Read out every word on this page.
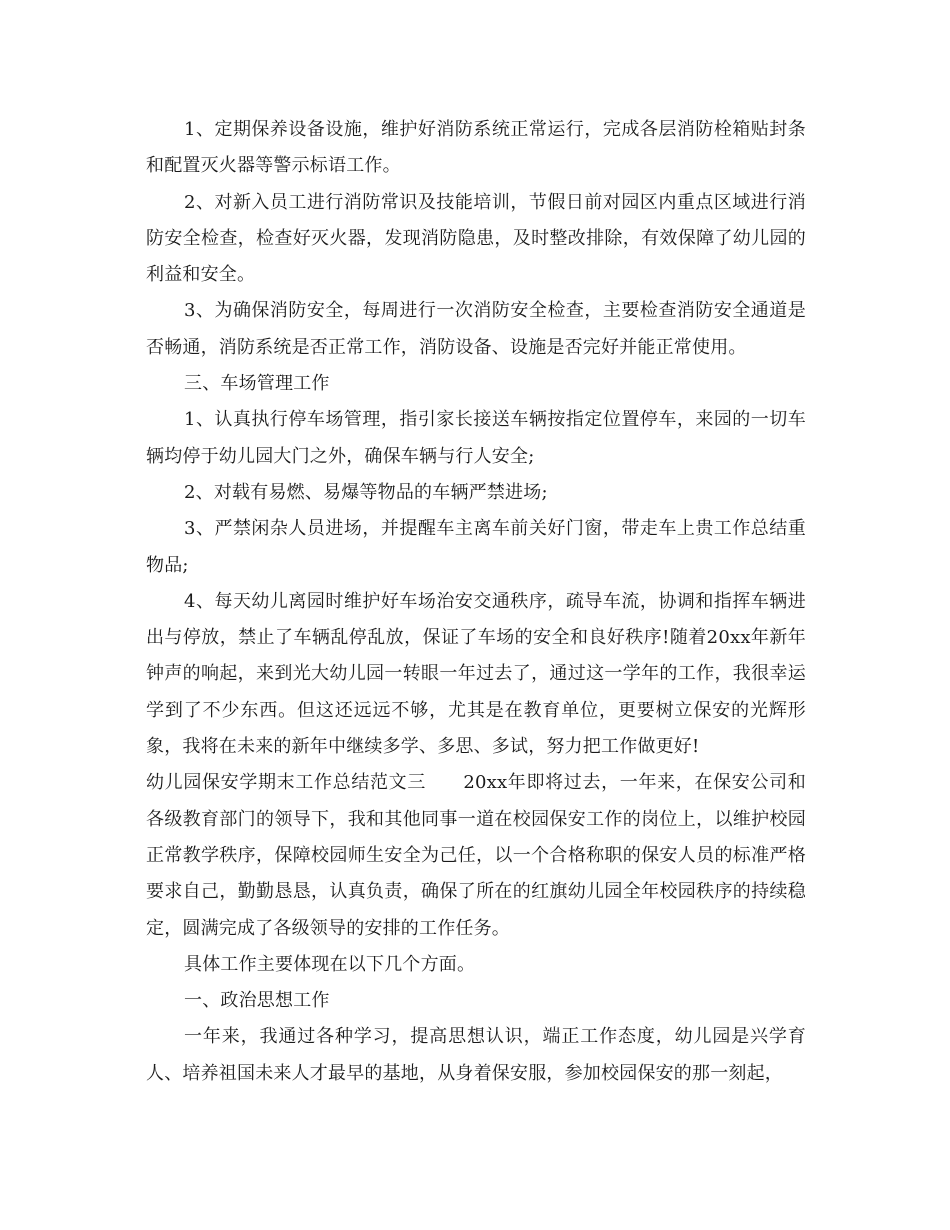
1、定期保养设备设施，维护好消防系统正常运行，完成各层消防栓箱贴封条和配置灭火器等警示标语工作。

2、对新入员工进行消防常识及技能培训，节假日前对园区内重点区域进行消防安全检查，检查好灭火器，发现消防隐患，及时整改排除，有效保障了幼儿园的利益和安全。

3、为确保消防安全，每周进行一次消防安全检查，主要检查消防安全通道是否畅通，消防系统是否正常工作，消防设备、设施是否完好并能正常使用。

三、车场管理工作

1、认真执行停车场管理，指引家长接送车辆按指定位置停车，来园的一切车辆均停于幼儿园大门之外，确保车辆与行人安全;

2、对载有易燃、易爆等物品的车辆严禁进场;

3、严禁闲杂人员进场，并提醒车主离车前关好门窗，带走车上贵工作总结重物品;

4、每天幼儿离园时维护好车场治安交通秩序，疏导车流，协调和指挥车辆进出与停放，禁止了车辆乱停乱放，保证了车场的安全和良好秩序!随着20xx年新年钟声的响起，来到光大幼儿园一转眼一年过去了，通过这一学年的工作，我很幸运学到了不少东西。但这还远远不够，尤其是在教育单位，更要树立保安的光辉形象，我将在未来的新年中继续多学、多思、多试，努力把工作做更好!

幼儿园保安学期末工作总结范文三　　20xx年即将过去，一年来，在保安公司和各级教育部门的领导下，我和其他同事一道在校园保安工作的岗位上，以维护校园正常教学秩序，保障校园师生安全为己任，以一个合格称职的保安人员的标准严格要求自己，勤勤恳恳，认真负责，确保了所在的红旗幼儿园全年校园秩序的持续稳定，圆满完成了各级领导的安排的工作任务。

具体工作主要体现在以下几个方面。

一、政治思想工作

一年来，我通过各种学习，提高思想认识，端正工作态度，幼儿园是兴学育人、培养祖国未来人才最早的基地，从身着保安服，参加校园保安的那一刻起，
